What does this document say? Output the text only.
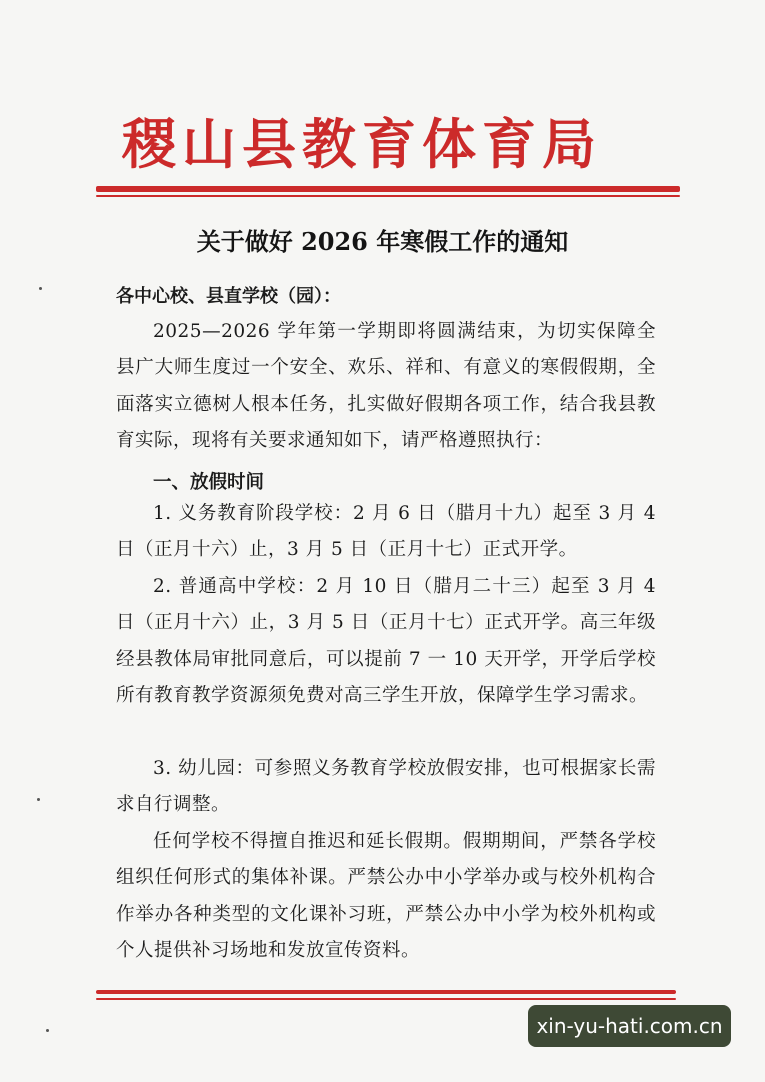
稷山县教育体育局
关于做好 2026 年寒假工作的通知
各中心校、县直学校（园）：
2025—2026 学年第一学期即将圆满结束，为切实保障全县广大师生度过一个安全、欢乐、祥和、有意义的寒假假期，全面落实立德树人根本任务，扎实做好假期各项工作，结合我县教育实际，现将有关要求通知如下，请严格遵照执行：
一、放假时间
1. 义务教育阶段学校：2 月 6 日（腊月十九）起至 3 月 4 日（正月十六）止，3 月 5 日（正月十七）正式开学。
2. 普通高中学校：2 月 10 日（腊月二十三）起至 3 月 4 日（正月十六）止，3 月 5 日（正月十七）正式开学。高三年级经县教体局审批同意后，可以提前 7 一 10 天开学，开学后学校所有教育教学资源须免费对高三学生开放，保障学生学习需求。
3. 幼儿园：可参照义务教育学校放假安排，也可根据家长需求自行调整。
任何学校不得擅自推迟和延长假期。假期期间，严禁各学校组织任何形式的集体补课。严禁公办中小学举办或与校外机构合作举办各种类型的文化课补习班，严禁公办中小学为校外机构或个人提供补习场地和发放宣传资料。
xin-yu-hati.com.cn
